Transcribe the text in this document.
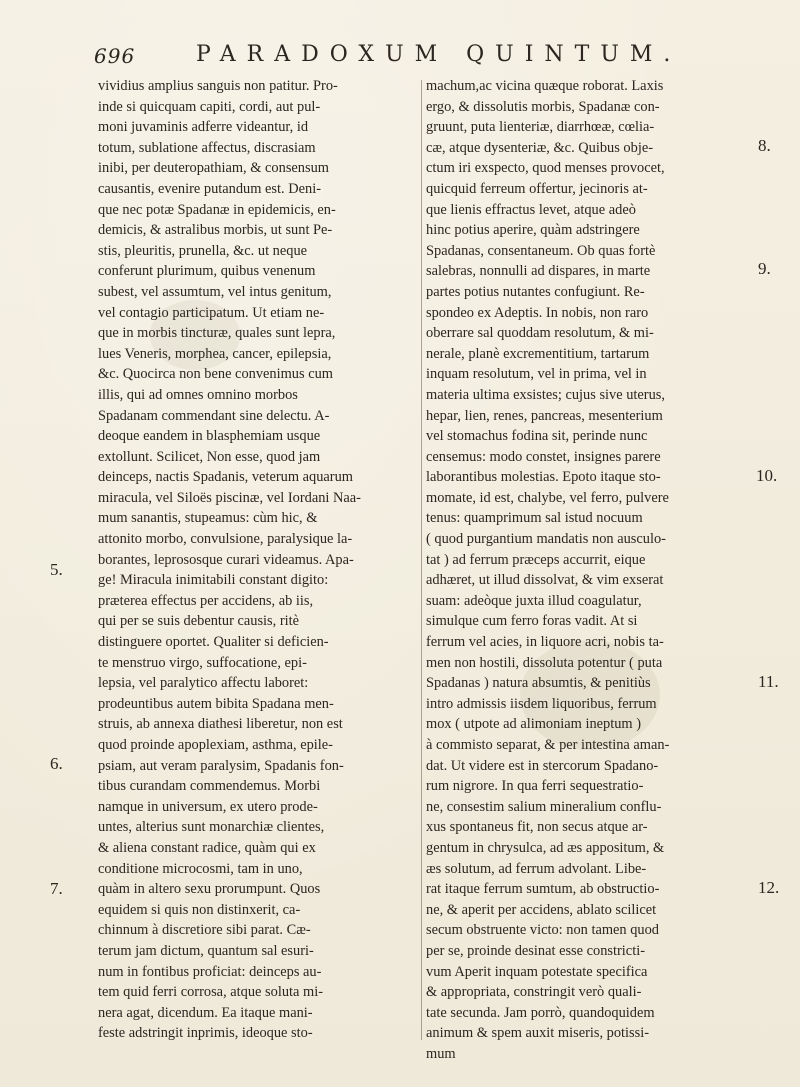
696	PARADOXUM QUINTUM.
vividius amplius sanguis non patitur. Pro-
inde si quicquam capiti, cordi, aut pul-
moni juvaminis adferre videantur, id
totum, sublatione affectus, discrasiam
inibi, per deuteropathiam, & consensum
causantis, evenire putandum est. Deni-
que nec potæ Spadanæ in epidemicis, en-
demicis, & astralibus morbis, ut sunt Pe-
stis, pleuritis, prunella, &c. ut neque
conferunt plurimum, quibus venenum
subest, vel assumtum, vel intus genitum,
vel contagio participatum. Ut etiam ne-
que in morbis tincturæ, quales sunt lepra,
lues Veneris, morphea, cancer, epilepsia,
&c. Quocirca non bene convenimus cum
illis, qui ad omnes omnino morbos
Spadanam commendant sine delectu. A-
deoque eandem in blasphemiam usque
extollunt. Scilicet, Non esse, quod jam
deinceps, nactis Spadanis, veterum aquarum
miracula, vel Siloës piscinæ, vel Iordani Naa-
mum sanantis, stupeamus: cùm hic, &
attonito morbo, convulsione, paralysique la-
borantes, leprososque curari videamus. Apa-
ge! Miracula inimitabili constant digito:
præterea effectus per accidens, ab iis,
qui per se suis debentur causis, ritè
distinguere oportet. Qualiter si deficien-
te menstruo virgo, suffocatione, epi-
lepsia, vel paralytico affectu laboret:
prodeuntibus autem bibita Spadana men-
struis, ab annexa diathesi liberetur, non est
quod proinde apoplexiam, asthma, epile-
psiam, aut veram paralysim, Spadanis fon-
tibus curandam commendemus. Morbi
namque in universum, ex utero prode-
untes, alterius sunt monarchiæ clientes,
& aliena constant radice, quàm qui ex
conditione microcosmi, tam in uno,
quàm in altero sexu prorumpunt. Quos
equidem si quis non distinxerit, ca-
chinnum à discretiore sibi parat. Cæ-
terum jam dictum, quantum sal esuri-
num in fontibus proficiat: deinceps au-
tem quid ferri corrosa, atque soluta mi-
nera agat, dicendum. Ea itaque mani-
feste adstringit inprimis, ideoque sto-
machum,ac vicina quæque roborat. Laxis
ergo, & dissolutis morbis, Spadanæ con-
gruunt, puta lienteriæ, diarrhœæ, cœlia-
cæ, atque dysenteriæ, &c. Quibus obje-
ctum iri exspecto, quod menses provocet,
quicquid ferreum offertur, jecinoris at-
que lienis effractus levet, atque adeò
hinc potius aperire, quàm adstringere
Spadanas, consentaneum. Ob quas fortè
salebras, nonnulli ad dispares, in marte
partes potius nutantes confugiunt. Re-
spondeo ex Adeptis. In nobis, non raro
oberrare sal quoddam resolutum, & mi-
nerale, planè excrementitium, tartarum
inquam resolutum, vel in prima, vel in
materia ultima exsistes; cujus sive uterus,
hepar, lien, renes, pancreas, mesenterium
vel stomachus fodina sit, perinde nunc
censemus: modo constet, insignes parere
laborantibus molestias. Epoto itaque sto-
momate, id est, chalybe, vel ferro, pulvere
tenus: quamprimum sal istud nocuum
( quod purgantium mandatis non ausculo-
tat ) ad ferrum præceps accurrit, eique
adhæret, ut illud dissolvat, & vim exserat
suam: adeòque juxta illud coagulatur,
simulque cum ferro foras vadit. At si
ferrum vel acies, in liquore acri, nobis ta-
men non hostili, dissoluta potentur ( puta
Spadanas ) natura absumtis, & penitiùs
intro admissis iisdem liquoribus, ferrum
mox ( utpote ad alimoniam ineptum )
à commisto separat, & per intestina aman-
dat. Ut videre est in stercorum Spadano-
rum nigrore. In qua ferri sequestratio-
ne, consestim salium mineralium conflu-
xus spontaneus fit, non secus atque ar-
gentum in chrysulca, ad æs appositum, &
æs solutum, ad ferrum advolant. Libe-
rat itaque ferrum sumtum, ab obstructio-
ne, & aperit per accidens, ablato scilicet
secum obstruente victo: non tamen quod
per se, proinde desinat esse constricti-
vum Aperit inquam potestate specifica
& appropriata, constringit verò quali-
tate secunda. Jam porrò, quandoquidem
animum & spem auxit miseris, potissi-
mum
5.
6.
7.
8.
9.
10.
11.
12.
